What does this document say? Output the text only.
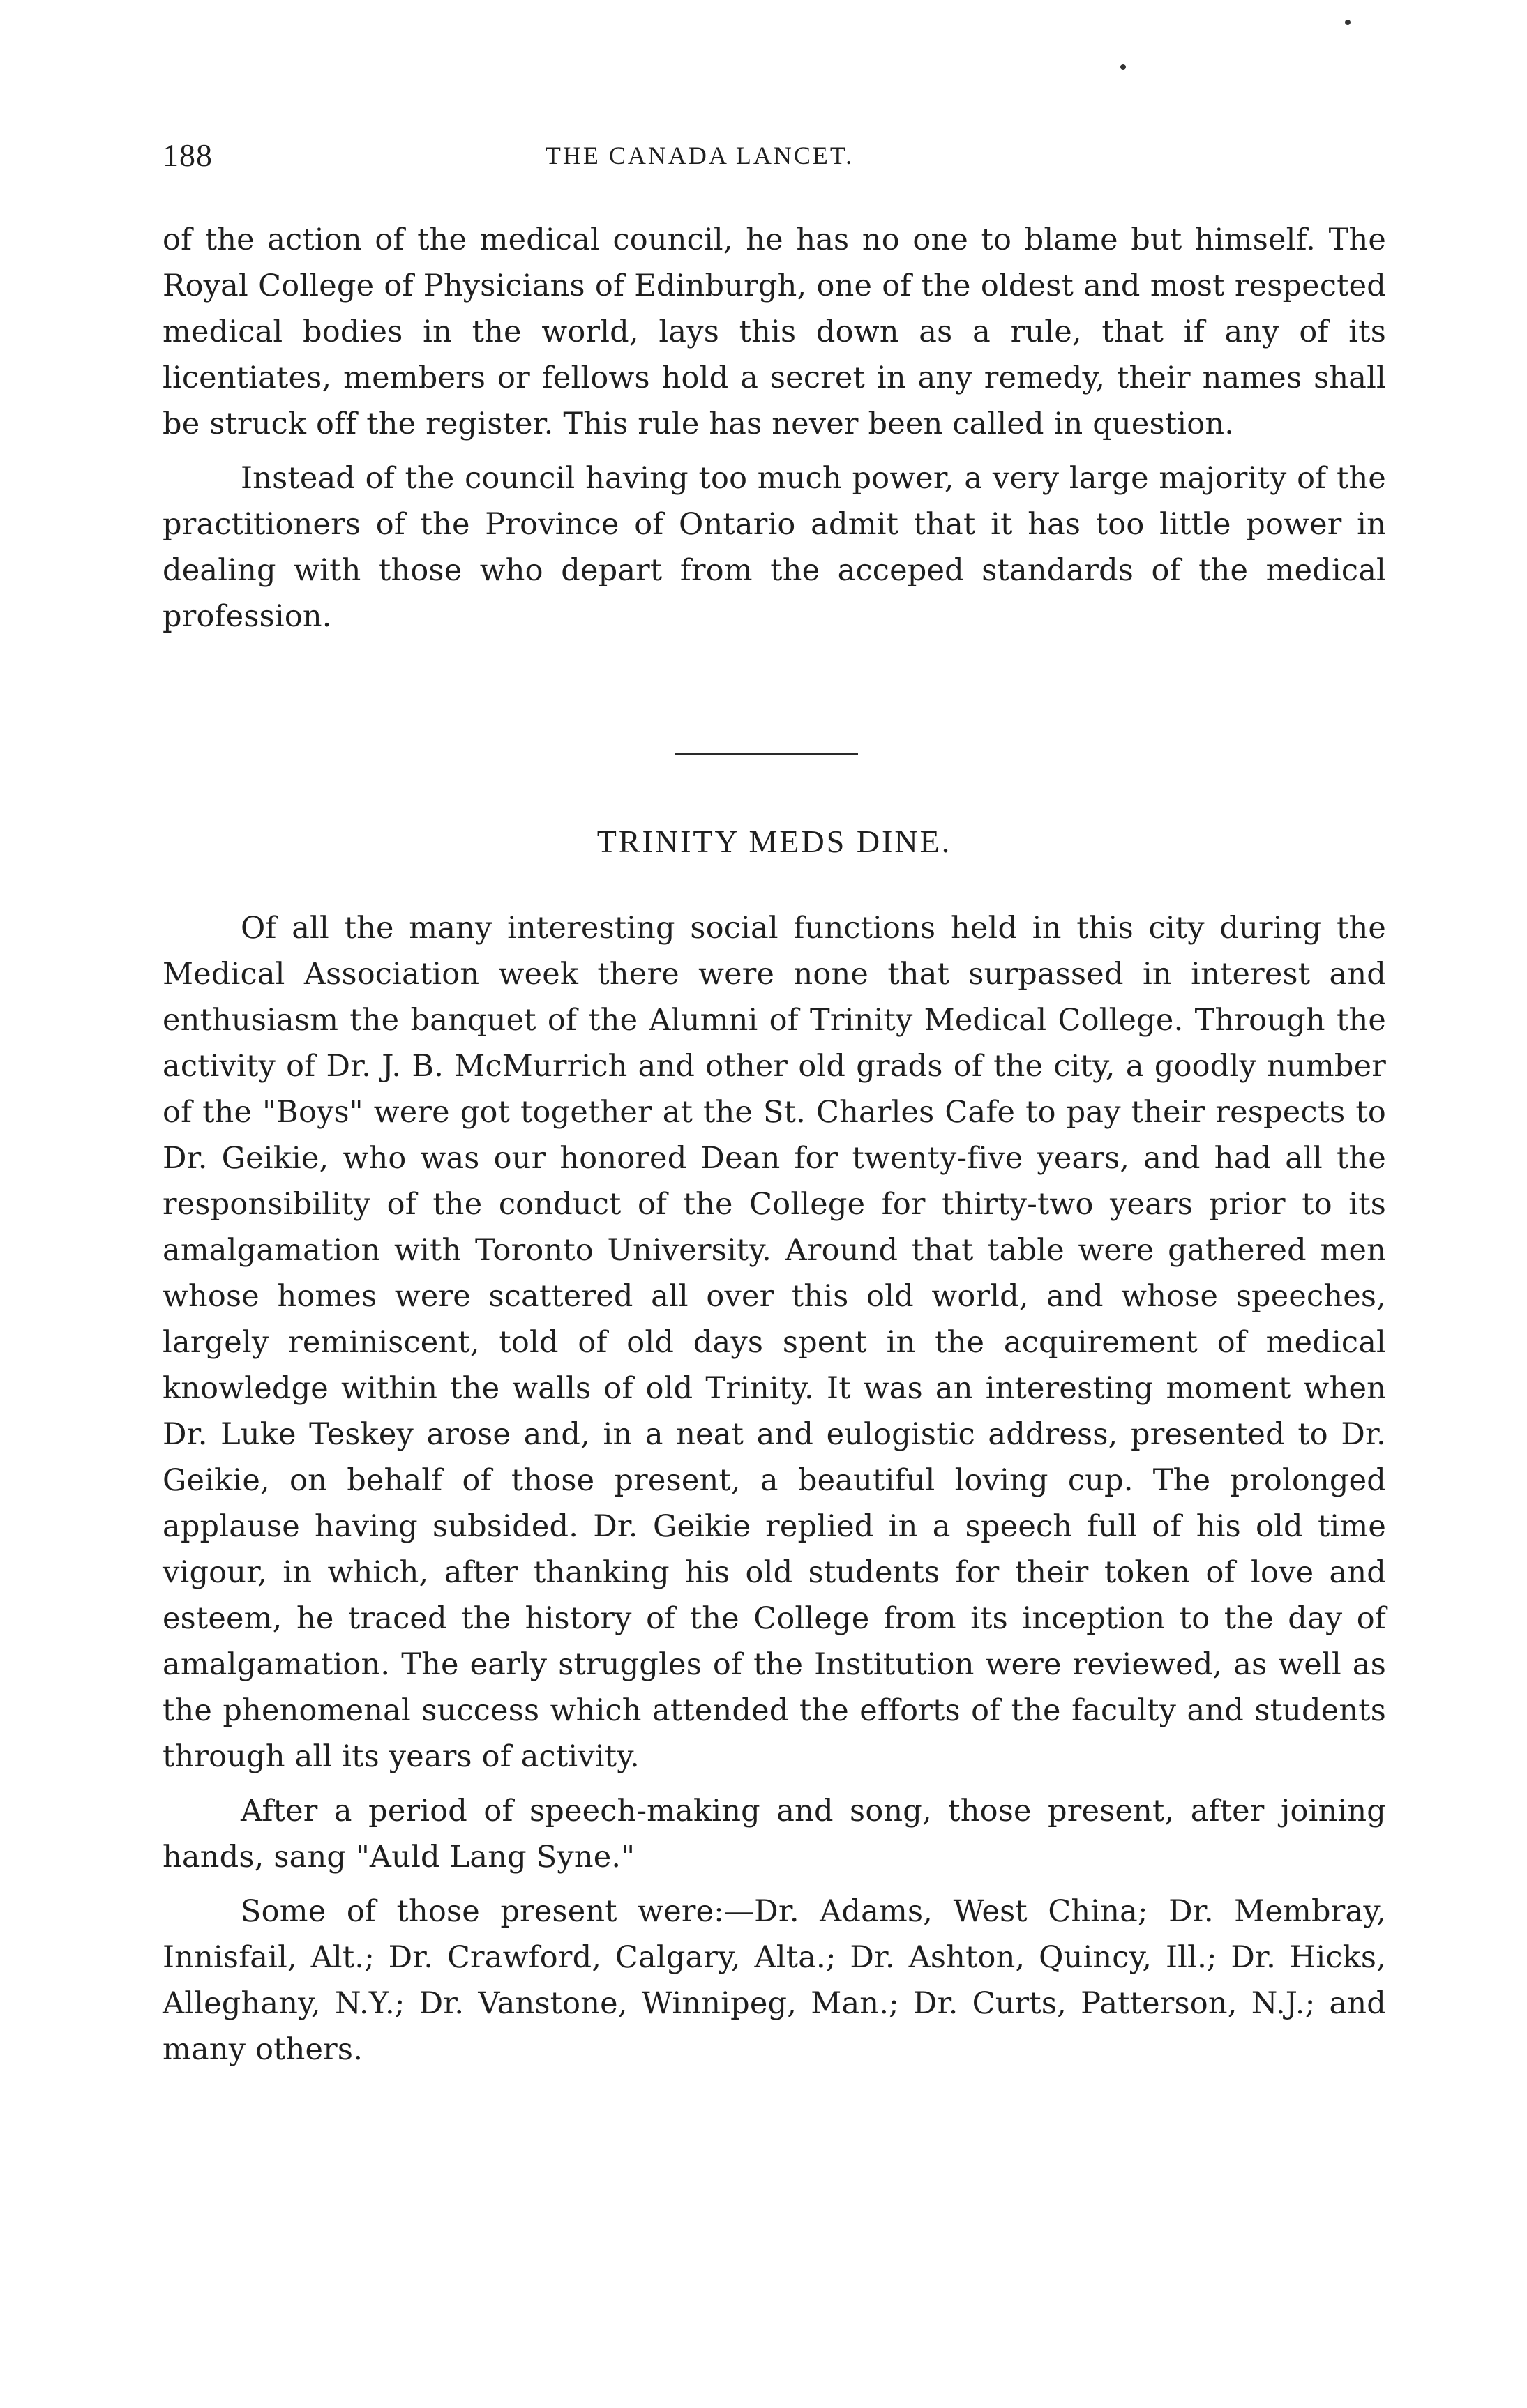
188	THE CANADA LANCET.

of the action of the medical council, he has no one to blame but himself. The Royal College of Physicians of Edinburgh, one of the oldest and most respected medical bodies in the world, lays this down as a rule, that if any of its licentiates, members or fellows hold a secret in any remedy, their names shall be struck off the register. This rule has never been called in question.

Instead of the council having too much power, a very large majority of the practitioners of the Province of Ontario admit that it has too little power in dealing with those who depart from the acceped standards of the medical profession.

TRINITY MEDS DINE.

Of all the many interesting social functions held in this city during the Medical Association week there were none that surpassed in interest and enthusiasm the banquet of the Alumni of Trinity Medical College. Through the activity of Dr. J. B. McMurrich and other old grads of the city, a goodly number of the "Boys" were got together at the St. Charles Cafe to pay their respects to Dr. Geikie, who was our honored Dean for twenty-five years, and had all the responsibility of the conduct of the College for thirty-two years prior to its amalgamation with Toronto University. Around that table were gathered men whose homes were scattered all over this old world, and whose speeches, largely reminiscent, told of old days spent in the acquirement of medical knowledge within the walls of old Trinity. It was an interesting moment when Dr. Luke Teskey arose and, in a neat and eulogistic address, presented to Dr. Geikie, on behalf of those present, a beautiful loving cup. The prolonged applause having subsided. Dr. Geikie replied in a speech full of his old time vigour, in which, after thanking his old students for their token of love and esteem, he traced the history of the College from its inception to the day of amalgamation. The early struggles of the Institution were reviewed, as well as the phenomenal success which attended the efforts of the faculty and students through all its years of activity.

After a period of speech-making and song, those present, after joining hands, sang "Auld Lang Syne."

Some of those present were:—Dr. Adams, West China; Dr. Membray, Innisfail, Alt.; Dr. Crawford, Calgary, Alta.; Dr. Ashton, Quincy, Ill.; Dr. Hicks, Alleghany, N.Y.; Dr. Vanstone, Winnipeg, Man.; Dr. Curts, Patterson, N.J.; and many others.
